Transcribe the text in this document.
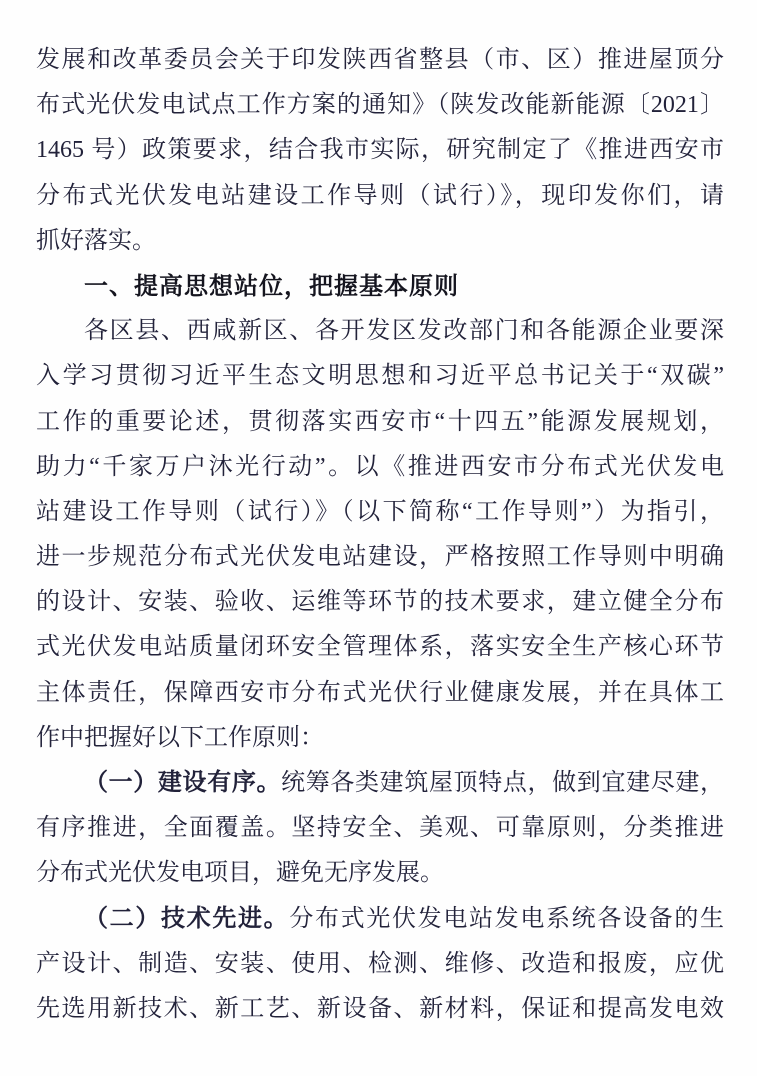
发展和改革委员会关于印发陕西省整县（市、区）推进屋顶分
布式光伏发电试点工作方案的通知》（陕发改能新能源〔2021〕
1465 号）政策要求，结合我市实际，研究制定了《推进西安市
分布式光伏发电站建设工作导则（试行）》，现印发你们，请
抓好落实。
一、提高思想站位，把握基本原则
各区县、西咸新区、各开发区发改部门和各能源企业要深
入学习贯彻习近平生态文明思想和习近平总书记关于“双碳”
工作的重要论述，贯彻落实西安市“十四五”能源发展规划，
助力“千家万户沐光行动”。以《推进西安市分布式光伏发电
站建设工作导则（试行）》（以下简称“工作导则”）为指引，
进一步规范分布式光伏发电站建设，严格按照工作导则中明确
的设计、安装、验收、运维等环节的技术要求，建立健全分布
式光伏发电站质量闭环安全管理体系，落实安全生产核心环节
主体责任，保障西安市分布式光伏行业健康发展，并在具体工
作中把握好以下工作原则：
（一）建设有序。统筹各类建筑屋顶特点，做到宜建尽建，
有序推进，全面覆盖。坚持安全、美观、可靠原则，分类推进
分布式光伏发电项目，避免无序发展。
（二）技术先进。分布式光伏发电站发电系统各设备的生
产设计、制造、安装、使用、检测、维修、改造和报废，应优
先选用新技术、新工艺、新设备、新材料，保证和提高发电效
